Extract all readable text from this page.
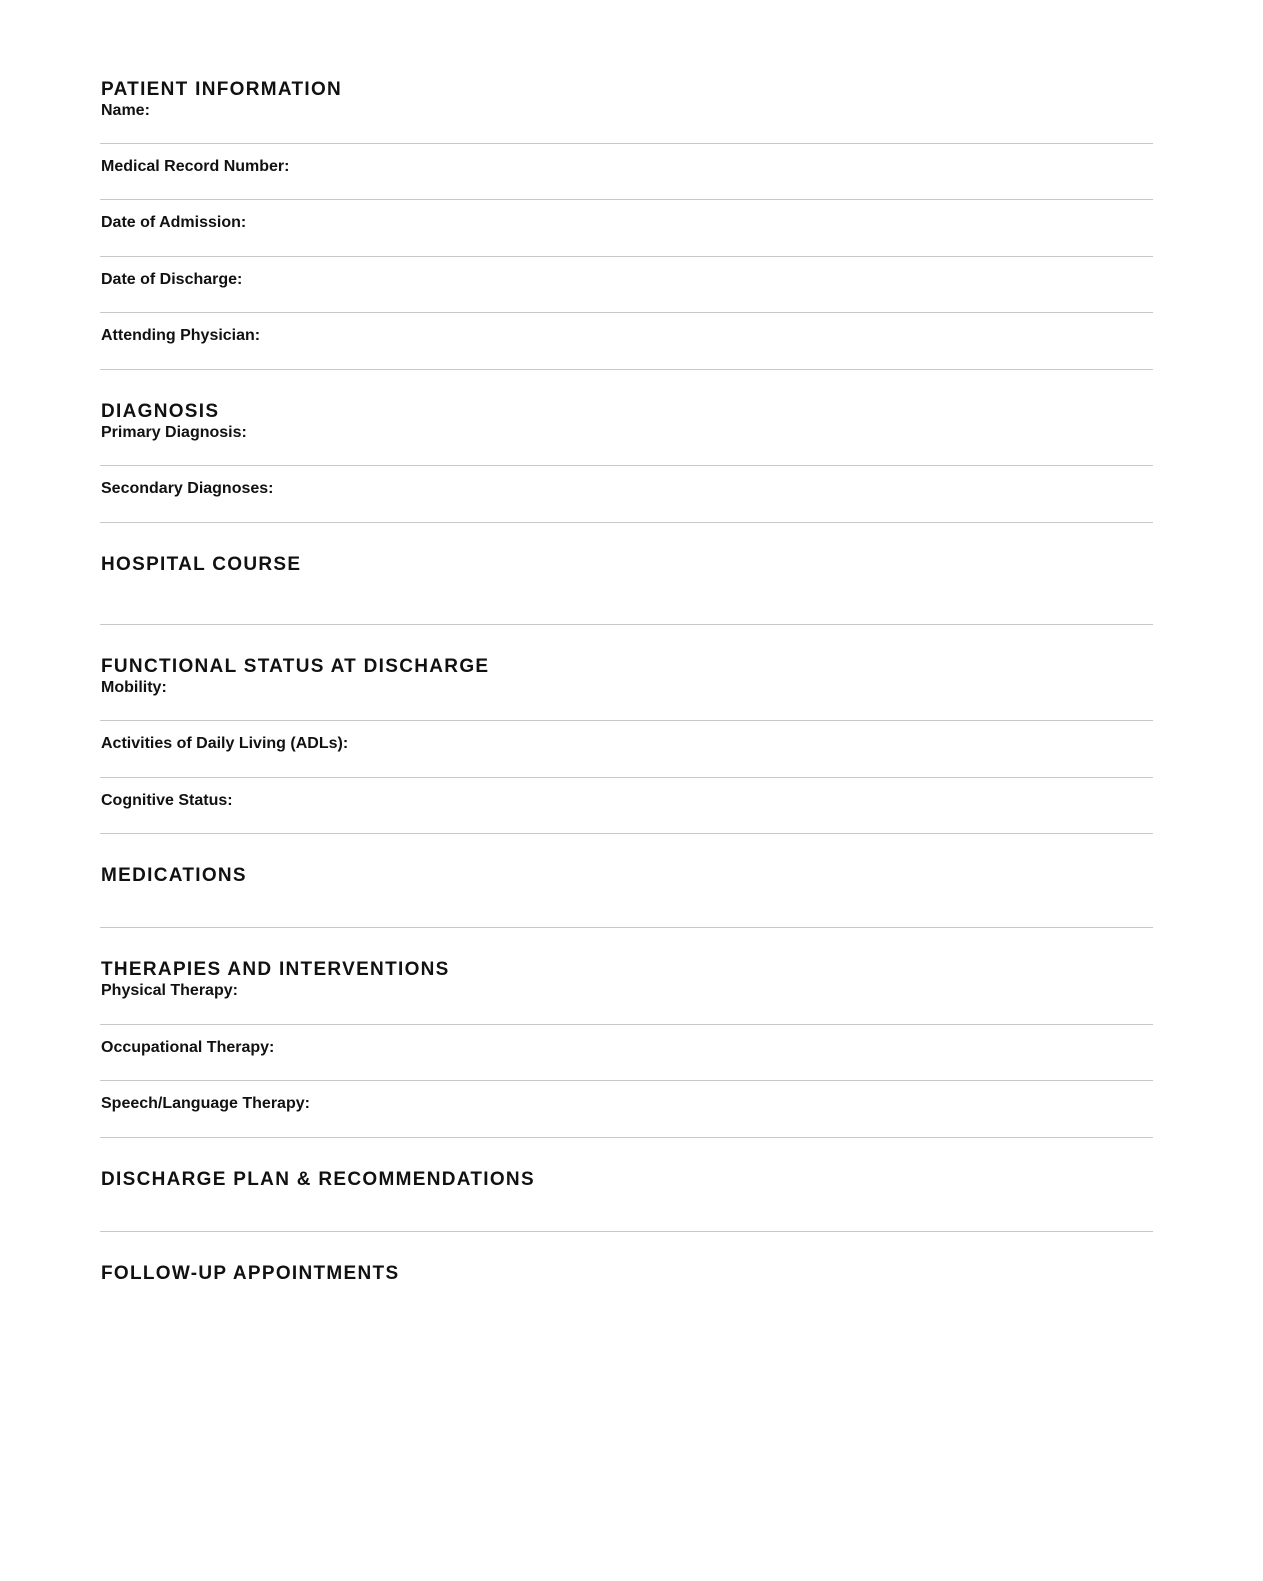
PATIENT INFORMATION
Name:
Medical Record Number:
Date of Admission:
Date of Discharge:
Attending Physician:
DIAGNOSIS
Primary Diagnosis:
Secondary Diagnoses:
HOSPITAL COURSE
FUNCTIONAL STATUS AT DISCHARGE
Mobility:
Activities of Daily Living (ADLs):
Cognitive Status:
MEDICATIONS
THERAPIES AND INTERVENTIONS
Physical Therapy:
Occupational Therapy:
Speech/Language Therapy:
DISCHARGE PLAN & RECOMMENDATIONS
FOLLOW-UP APPOINTMENTS
